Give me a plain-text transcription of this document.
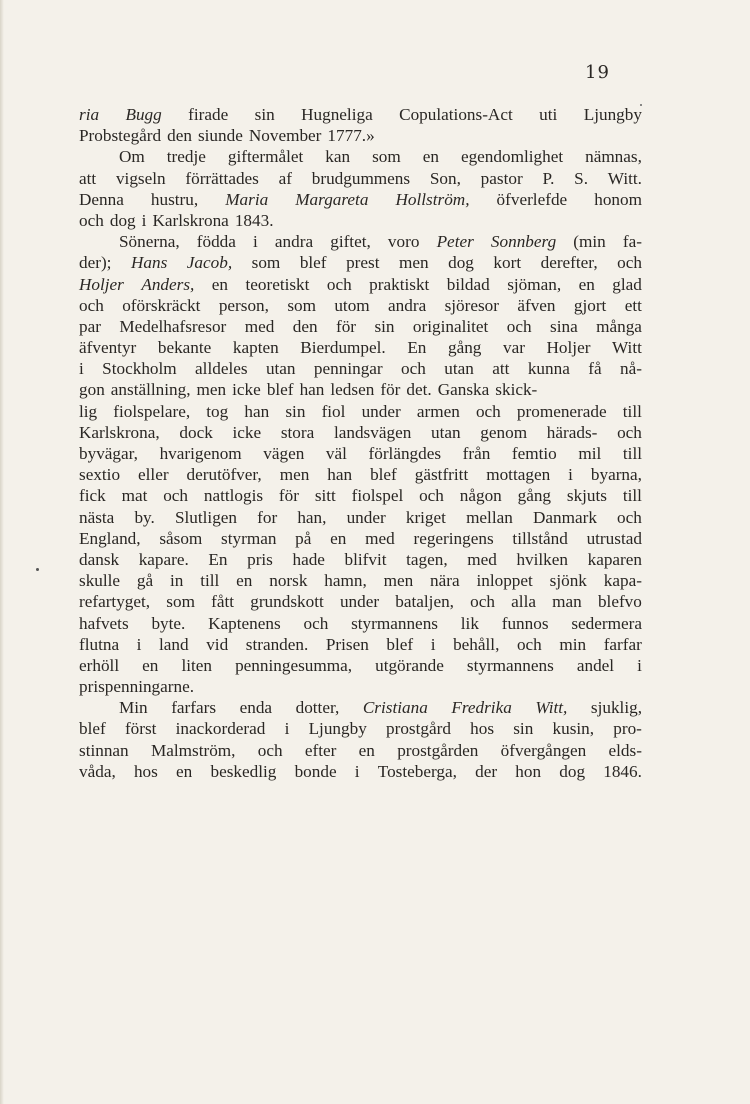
19
ria Bugg firade sin Hugneliga Copulations-Act uti Ljungby
Probstegård den siunde November 1777.»
Om tredje giftermålet kan som en egendomlighet nämnas,
att vigseln förrättades af brudgummens Son, pastor P. S. Witt.
Denna hustru, Maria Margareta Hollström, öfverlefde honom
och dog i Karlskrona 1843.
Sönerna, födda i andra giftet, voro Peter Sonnberg (min fa-
der); Hans Jacob, som blef prest men dog kort derefter, och
Holjer Anders, en teoretiskt och praktiskt bildad sjöman, en glad
och oförskräckt person, som utom andra sjöresor äfven gjort ett
par Medelhafsresor med den för sin originalitet och sina många
äfventyr bekante kapten Bierdumpel. En gång var Holjer Witt
i Stockholm alldeles utan penningar och utan att kunna få nå-
gon anställning, men icke blef han ledsen för det. Ganska skick-
lig fiolspelare, tog han sin fiol under armen och promenerade till
Karlskrona, dock icke stora landsvägen utan genom härads- och
byvägar, hvarigenom vägen väl förlängdes från femtio mil till
sextio eller derutöfver, men han blef gästfritt mottagen i byarna,
fick mat och nattlogis för sitt fiolspel och någon gång skjuts till
nästa by. Slutligen for han, under kriget mellan Danmark och
England, såsom styrman på en med regeringens tillstånd utrustad
dansk kapare. En pris hade blifvit tagen, med hvilken kaparen
skulle gå in till en norsk hamn, men nära inloppet sjönk kapa-
refartyget, som fått grundskott under bataljen, och alla man blefvo
hafvets byte. Kaptenens och styrmannens lik funnos sedermera
flutna i land vid stranden. Prisen blef i behåll, och min farfar
erhöll en liten penningesumma, utgörande styrmannens andel i
prispenningarne.
Min farfars enda dotter, Cristiana Fredrika Witt, sjuklig,
blef först inackorderad i Ljungby prostgård hos sin kusin, pro-
stinnan Malmström, och efter en prostgården öfvergången elds-
våda, hos en beskedlig bonde i Tosteberga, der hon dog 1846.
